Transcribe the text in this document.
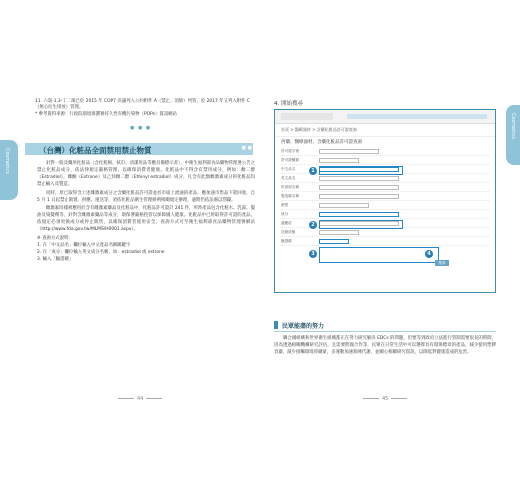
11. 六氯-1,3-丁二烯已於 2015 年 COP7 決議列入公約附件 A（禁止、消除）列管，於 2017 年又列入附件 C（無心衍生排放）管理。
* 參考資料來源：行政院環境保護署持久性有機污染物（POPs）資訊網站
● ● ●
Cosmetics	（台灣）化粧品全面禁用禁止物質	● ●

針對一般及藥用化粧品（含化粧棉、拭巾、清潔用品等應具備標示者），中衛生福利部食品藥物管理署公告之禁止化粧品成分，依法律規定嚴格管理，以確保消費者健康。化粧品中不得含有禁用成分，例如：雌二醇（Estradiol）、雌酮（Estrone）及乙炔雌二醇（Ethinyl estradiol）成分，凡含有此類雌激素成分的化粧品均禁止輸入及製造。

同時，原已取得含上述雌激素成分之含藥化粧品許可證並於市面上流通的產品，應加速市售品下架回收，自 5 月 1 日起禁止販賣、供應、運送等，須依化粧品衛生管理條例相關規定辦理，逾期仍依法處以罰鍰。

雌激素同樣被應用於含有雌激素藥品及化粧品中，化粧品許可證計 241 件，所涉產品包含化粧水、乳霜、髮油及染髮劑等，針對含雌激素藥品等成分，環保署嚴格控管以保障國人健康。化粧品中已經取得許可證的產品，依規定必須更換成分或停止販售，以確保消費者使用安全。查詢方式可至衛生福利部食品藥物管理署網站（http://www.fda.gov.tw/MLMS/H0001.aspx）。

※ 查詢方式說明：
1. 在「中文品名」欄位輸入中文產品名稱關鍵字
2. 在「成分」欄位輸入英文成分名稱，如：estradiol 或 estrone
3. 輸入「驗證碼」
44
Cosmetics
4. 開始搜尋
首頁 > 醫療器材 > 含藥化粧品許可證查詢
西藥、醫療器材、含藥化粧品許可證查詢
許可證字號
許可證種類
中文品名
英文品名
申請商名稱
製造廠名稱
劑型
成分
適應症
註銷狀態
驗證碼
1
2
3	4
搜尋
民眾能盡的努力
聯合國組織和世界衛生組織都正在努力研究解決 EDCs 的問題，但要等到政府立法進行管制需要很長的時間，因為透過相關機構研究評估，且需要跨國合作等，民眾在日常生活中可以選擇具有環保標章的產品，減少使用塑膠容器，減少接觸環境荷爾蒙，多運動加速新陳代謝，並關心相關研究資訊，以降低對健康造成的危害。
45
